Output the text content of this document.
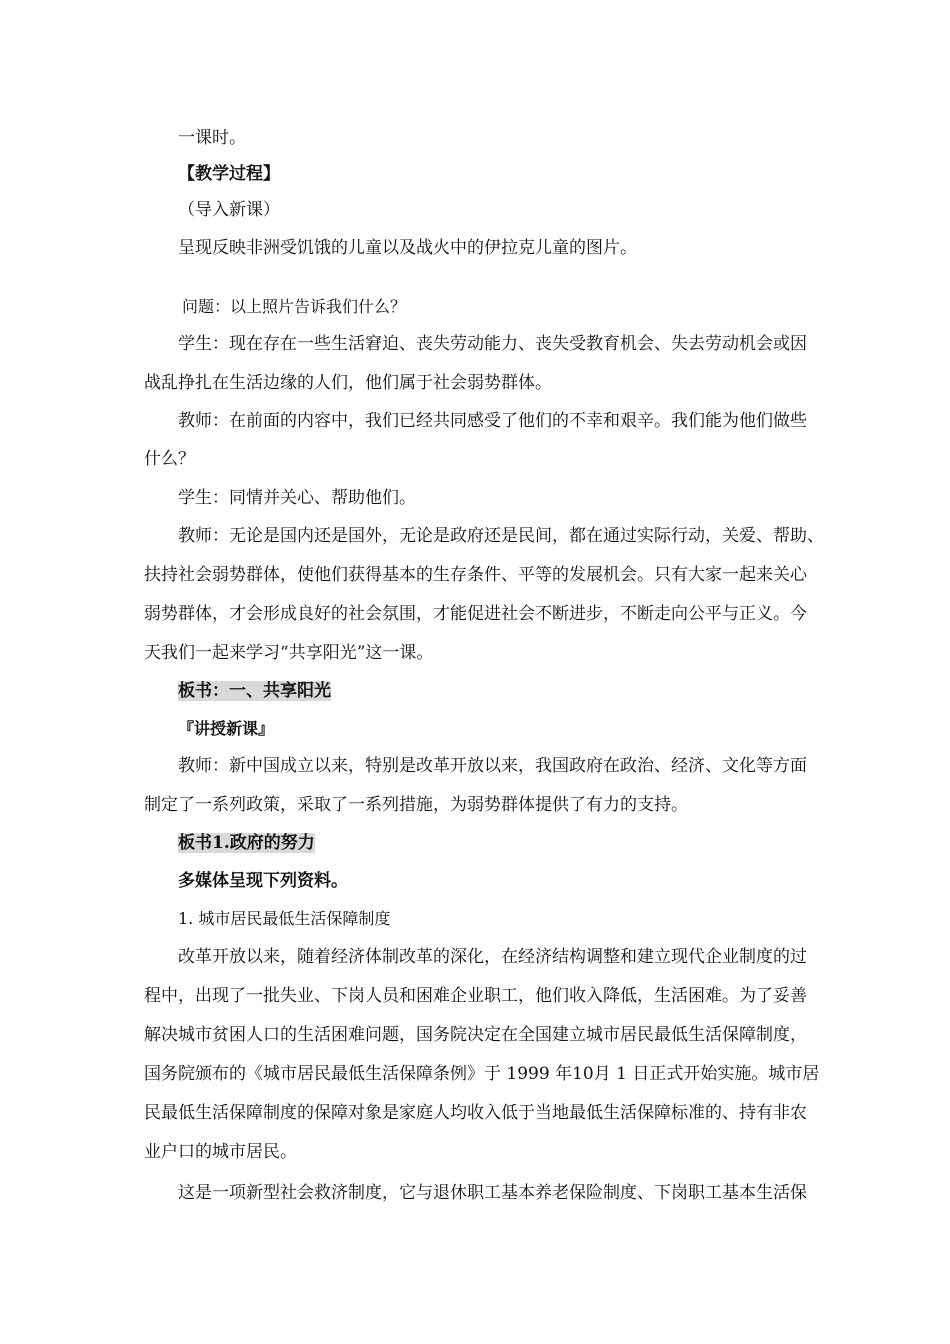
一课时。
【教学过程】
（导入新课）
呈现反映非洲受饥饿的儿童以及战火中的伊拉克儿童的图片。
问题：以上照片告诉我们什么？
学生：现在存在一些生活窘迫、丧失劳动能力、丧失受教育机会、失去劳动机会或因
战乱挣扎在生活边缘的人们，他们属于社会弱势群体。
教师：在前面的内容中，我们已经共同感受了他们的不幸和艰辛。我们能为他们做些
什么？
学生：同情并关心、帮助他们。
教师：无论是国内还是国外，无论是政府还是民间，都在通过实际行动，关爱、帮助、
扶持社会弱势群体，使他们获得基本的生存条件、平等的发展机会。只有大家一起来关心
弱势群体，才会形成良好的社会氛围，才能促进社会不断进步，不断走向公平与正义。今
天我们一起来学习“共享阳光”这一课。
板书：一、共享阳光
『讲授新课』
教师：新中国成立以来，特别是改革开放以来，我国政府在政治、经济、文化等方面
制定了一系列政策，采取了一系列措施，为弱势群体提供了有力的支持。
板书1.政府的努力
多媒体呈现下列资料。
1. 城市居民最低生活保障制度
改革开放以来，随着经济体制改革的深化，在经济结构调整和建立现代企业制度的过
程中，出现了一批失业、下岗人员和困难企业职工，他们收入降低，生活困难。为了妥善
解决城市贫困人口的生活困难问题，国务院决定在全国建立城市居民最低生活保障制度，
国务院颁布的《城市居民最低生活保障条例》于 1999 年10月 1 日正式开始实施。城市居
民最低生活保障制度的保障对象是家庭人均收入低于当地最低生活保障标准的、持有非农
业户口的城市居民。
这是一项新型社会救济制度，它与退休职工基本养老保险制度、下岗职工基本生活保
